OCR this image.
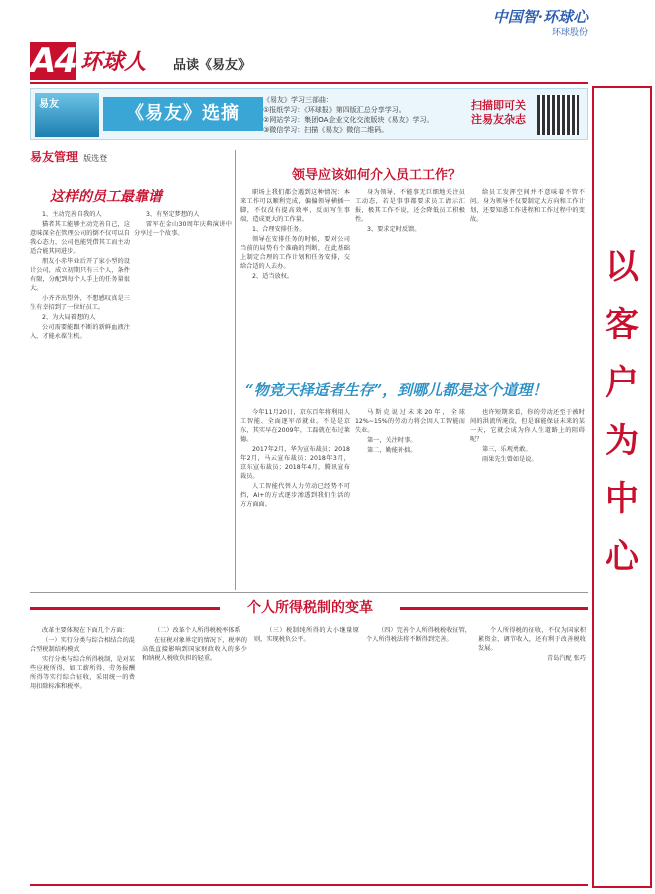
A4 环球人 品读《易友》
中国智·环球心
环球股份
易友	《易友》选摘
《易友》学习三部曲：
①报纸学习：《环球报》第四版汇总分享学习。
②网站学习：集团OA企业文化交流版块《易友》学习。
③微信学习：扫描《易友》微信二维码。
扫描即可关注易友杂志
以
客
户
为
中
心
易友管理 版选登
这样的员工最靠谱

1、主动完善自我的人

猫者其工能够主动完善自己，这意味深全在管理公司的倒不仅可以自我心态力，公司也能凭借其工而主动适合能其同进步。

朋友小赤毕业后开了家小型的设计公司，成立初期只有三个人，条件有限，分配到每个人手上的任务量很大。

小齐齐出望外，不想感叹真是三生有幸招到了一位好员工。

2、为大局着想的人

公司需要能跟不断的新鲜血液注入，才能永葆生机。

3、有坚定梦想的人

雷军在金山30周年庆典演讲中分享过一个故事。

领导应该如何介入员工工作？

职场上我们都会遇到这种情况：本来工作可以顺利完成，偏偏领导横插一脚，不仅没有提高效率，反而写生事端，造成更大的工作量。

1、合理安排任务。

领导在安排任务的时候，要对公司当前的局势有个准确的判断，在此基础上制定合理的工作计划和任务安排，交给合适的人去办。

2、适当放权。

身为领导，不能事无巨细地关注员工动态，若是事事都要求员工请示汇报，极其工作不说，还会降低员工积极性。

3、要求定时反馈。

给员工发挥空间并不意味着不管不问。身为领导不仅要制定大方向和工作计划，还要知悉工作进程和工作过程中的变故。

“物竞天择适者生存”，到哪儿都是这个道理！

今年11月20日，京东百年将利用人工智能、全面逐军帝就业。不是是京东，其实早在2009年，工磊就在布过莱德。

2017年2月，华为宣布裁员；2018年2月，马云宣布裁员；2018年3月，京东宣布裁员；2018年4月，腾讯宣布裁员。

人工智能代替人力劳动已经势不可挡，AI+的方式逐步渗透到我们生活的方方面面。

马斯克说过未来20年，全球12%~15%的劳动力将会因人工智能而失业。

第一，关注时事。

第二，勤能补拙。

也许短期来看，你的劳动还至于被时间的洪流所淹没，但是谁能保证未来的某一天，它就会成为你人生道路上的阻碍呢？

第三，乐观勇敢。

雨果先生曾如是说。

个人所得税制的变革

改革主要体现在下面几个方面：

（一）实行分类与综合相结合的混合型税制结构模式

实行分类与综合所得税制，是对某些应税所得，如工薪所得、劳务报酬所得等实行综合征收，采用统一的费用扣除标准和税率。

（二）改革个人所得税税率体系

在征税对象界定的情况下，税率的高低直接影响到国家财政收入的多少和纳税人税收负担的轻重。

（三）税制纯所得的大小继量原则，实现税负公平。

（四）完善个人所得税税收征管，个人所得税法将不断得到完善。

个人所得税的征收，不仅为国家积累资金、调节收入，还有利于改善税收发展。

青岛汽配 张巧
